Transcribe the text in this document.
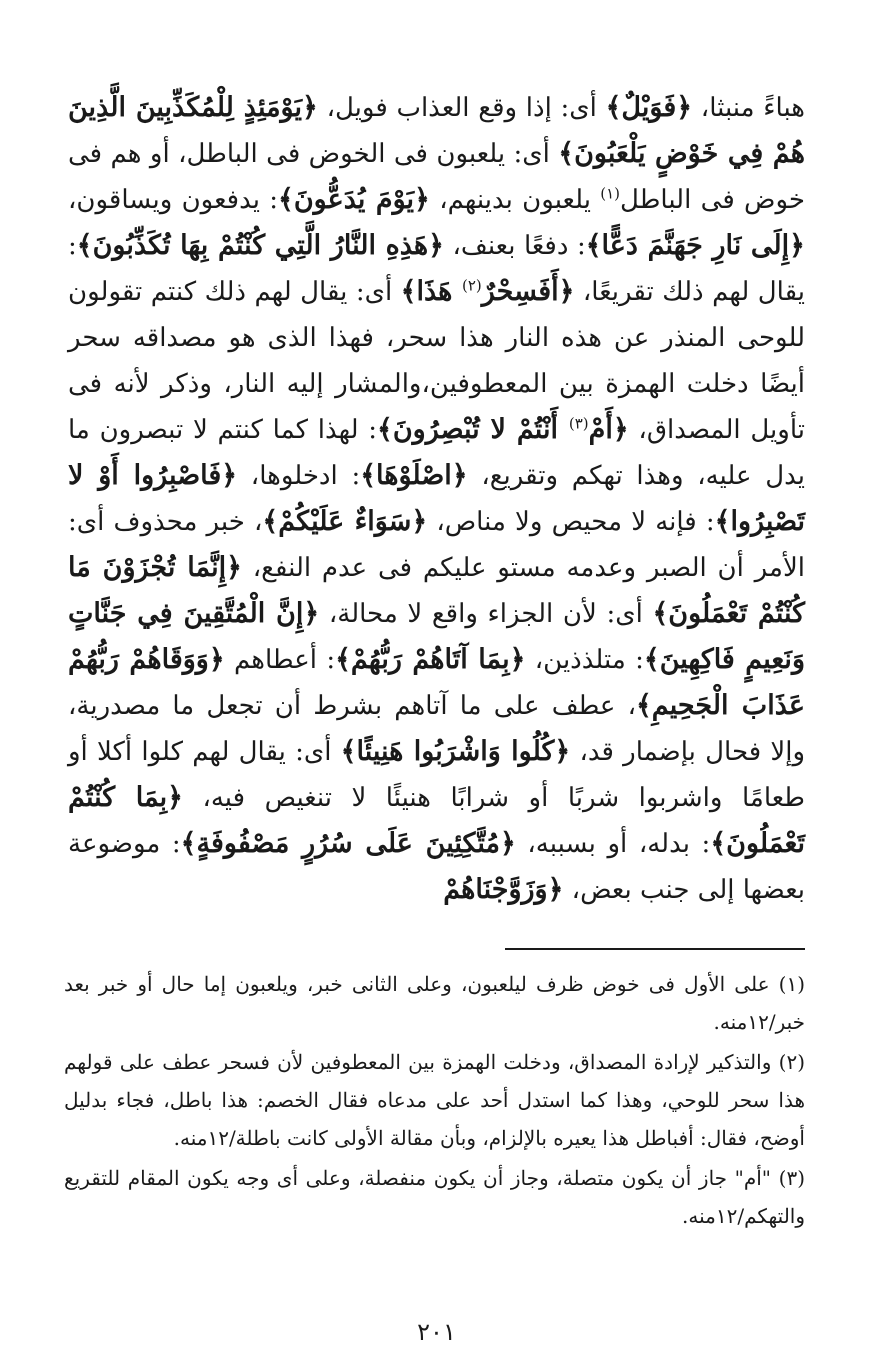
هباءً منبثا، ﴿فَوَيْلٌ﴾ أى: إذا وقع العذاب فويل، ﴿يَوْمَئِذٍ لِلْمُكَذِّبِينَ الَّذِينَ هُمْ فِي خَوْضٍ يَلْعَبُونَ﴾ أى: يلعبون فى الخوض فى الباطل، أو هم فى خوض فى الباطل$^{(١)}$ يلعبون بدينهم، ﴿يَوْمَ يُدَعُّونَ﴾: يدفعون ويساقون، ﴿إِلَى نَارِ جَهَنَّمَ دَعًّا﴾: دفعًا بعنف، ﴿هَذِهِ النَّارُ الَّتِي كُنْتُمْ بِهَا تُكَذِّبُونَ﴾: يقال لهم ذلك تقريعًا، ﴿أَفَسِحْرٌ$^{(٢)}$ هَذَا﴾ أى: يقال لهم ذلك كنتم تقولون للوحى المنذر عن هذه النار هذا سحر، فهذا الذى هو مصداقه سحر أيضًا دخلت الهمزة بين المعطوفين،والمشار إليه النار، وذكر لأنه فى تأويل المصداق، ﴿أَمْ$^{(٣)}$ أَنْتُمْ لا تُبْصِرُونَ﴾: لهذا كما كنتم لا تبصرون ما يدل عليه، وهذا تهكم وتقريع، ﴿اصْلَوْهَا﴾: ادخلوها، ﴿فَاصْبِرُوا أَوْ لا تَصْبِرُوا﴾: فإنه لا محيص ولا مناص، ﴿سَوَاءٌ عَلَيْكُمْ﴾، خبر محذوف أى: الأمر أن الصبر وعدمه مستو عليكم فى عدم النفع، ﴿إِنَّمَا تُجْزَوْنَ مَا كُنْتُمْ تَعْمَلُونَ﴾ أى: لأن الجزاء واقع لا محالة، ﴿إِنَّ الْمُتَّقِينَ فِي جَنَّاتٍ وَنَعِيمٍ فَاكِهِينَ﴾: متلذذين، ﴿بِمَا آتَاهُمْ رَبُّهُمْ﴾: أعطاهم ﴿وَوَقَاهُمْ رَبُّهُمْ عَذَابَ الْجَحِيمِ﴾، عطف على ما آتاهم بشرط أن تجعل ما مصدرية، وإلا فحال بإضمار قد، ﴿كُلُوا وَاشْرَبُوا هَنِيئًا﴾ أى: يقال لهم كلوا أكلا أو طعامًا واشربوا شربًا أو شرابًا هنيئًا لا تنغيص فيه، ﴿بِمَا كُنْتُمْ تَعْمَلُونَ﴾: بدله، أو بسببه، ﴿مُتَّكِئِينَ عَلَى سُرُرٍ مَصْفُوفَةٍ﴾: موضوعة بعضها إلى جنب بعض، ﴿وَزَوَّجْنَاهُمْ

(١) على الأول فى خوض ظرف ليلعبون، وعلى الثانى خبر، ويلعبون إما حال أو خبر بعد خبر/١٢منه.

(٢) والتذكير لإرادة المصداق، ودخلت الهمزة بين المعطوفين لأن فسحر عطف على قولهم هذا سحر للوحي، وهذا كما استدل أحد على مدعاه فقال الخصم: هذا باطل، فجاء بدليل أوضح، فقال: أفباطل هذا يعيره بالإلزام، وبأن مقالة الأولى كانت باطلة/١٢منه.

(٣) "أم" جاز أن يكون متصلة، وجاز أن يكون منفصلة، وعلى أى وجه يكون المقام للتقريع والتهكم/١٢منه.

٢٠١
